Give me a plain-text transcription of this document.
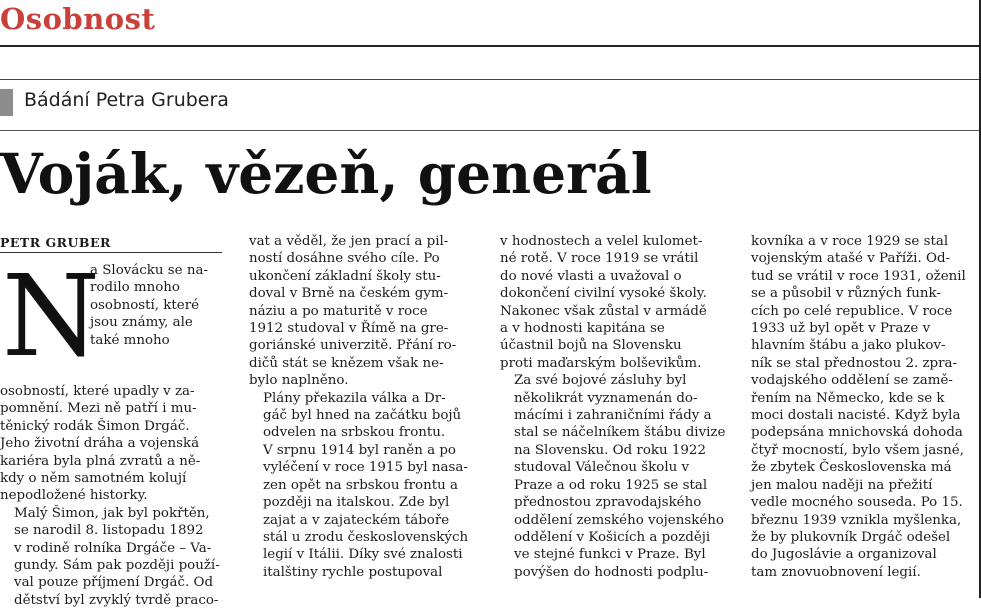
Osobnost
Bádání Petra Grubera
Voják, vězeň, generál
PETR GRUBER
N
a Slovácku se na-
rodilo mnoho
osobností, které
jsou známy, ale
také mnoho

osobností, které upadly v za-
pomnění. Mezi ně patří i mu-
těnický rodák Šimon Drgáč.
Jeho životní dráha a vojenská
kariéra byla plná zvratů a ně-
kdy o něm samotném kolují
nepodložené historky.

Malý Šimon, jak byl pokřtěn,
se narodil 8. listopadu 1892
v rodině rolníka Drgáče – Va-
gundy. Sám pak později použí-
val pouze příjmení Drgáč. Od
dětství byl zvyklý tvrdě praco-

vat a věděl, že jen prací a pil-
ností dosáhne svého cíle. Po
ukončení základní školy stu-
doval v Brně na českém gym-
náziu a po maturitě v roce
1912 studoval v Římě na gre-
goriánské univerzitě. Přání ro-
dičů stát se knězem však ne-
bylo naplněno.

Plány překazila válka a Dr-
gáč byl hned na začátku bojů
odvelen na srbskou frontu.
V srpnu 1914 byl raněn a po
vyléčení v roce 1915 byl nasa-
zen opět na srbskou frontu a
později na italskou. Zde byl
zajat a v zajateckém táboře
stál u zrodu československých
legií v Itálii. Díky své znalosti
italštiny rychle postupoval

v hodnostech a velel kulomet-
né rotě. V roce 1919 se vrátil
do nové vlasti a uvažoval o
dokončení civilní vysoké školy.
Nakonec však zůstal v armádě
a v hodnosti kapitána se
účastnil bojů na Slovensku
proti maďarským bolševikům.

Za své bojové zásluhy byl
několikrát vyznamenán do-
mácími i zahraničními řády a
stal se náčelníkem štábu divize
na Slovensku. Od roku 1922
studoval Válečnou školu v
Praze a od roku 1925 se stal
přednostou zpravodajského
oddělení zemského vojenského
oddělení v Košicích a později
ve stejné funkci v Praze. Byl
povýšen do hodnosti podplu-

kovníka a v roce 1929 se stal
vojenským atašé v Paříži. Od-
tud se vrátil v roce 1931, oženil
se a působil v různých funk-
cích po celé republice. V roce
1933 už byl opět v Praze v
hlavním štábu a jako plukov-
ník se stal přednostou 2. zpra-
vodajského oddělení se zamě-
řením na Německo, kde se k
moci dostali nacisté. Když byla
podepsána mnichovská dohoda
čtyř mocností, bylo všem jasné,
že zbytek Československa má
jen malou naději na přežití
vedle mocného souseda. Po 15.
březnu 1939 vznikla myšlenka,
že by plukovník Drgáč odešel
do Jugoslávie a organizoval
tam znovuobnovení legií.
